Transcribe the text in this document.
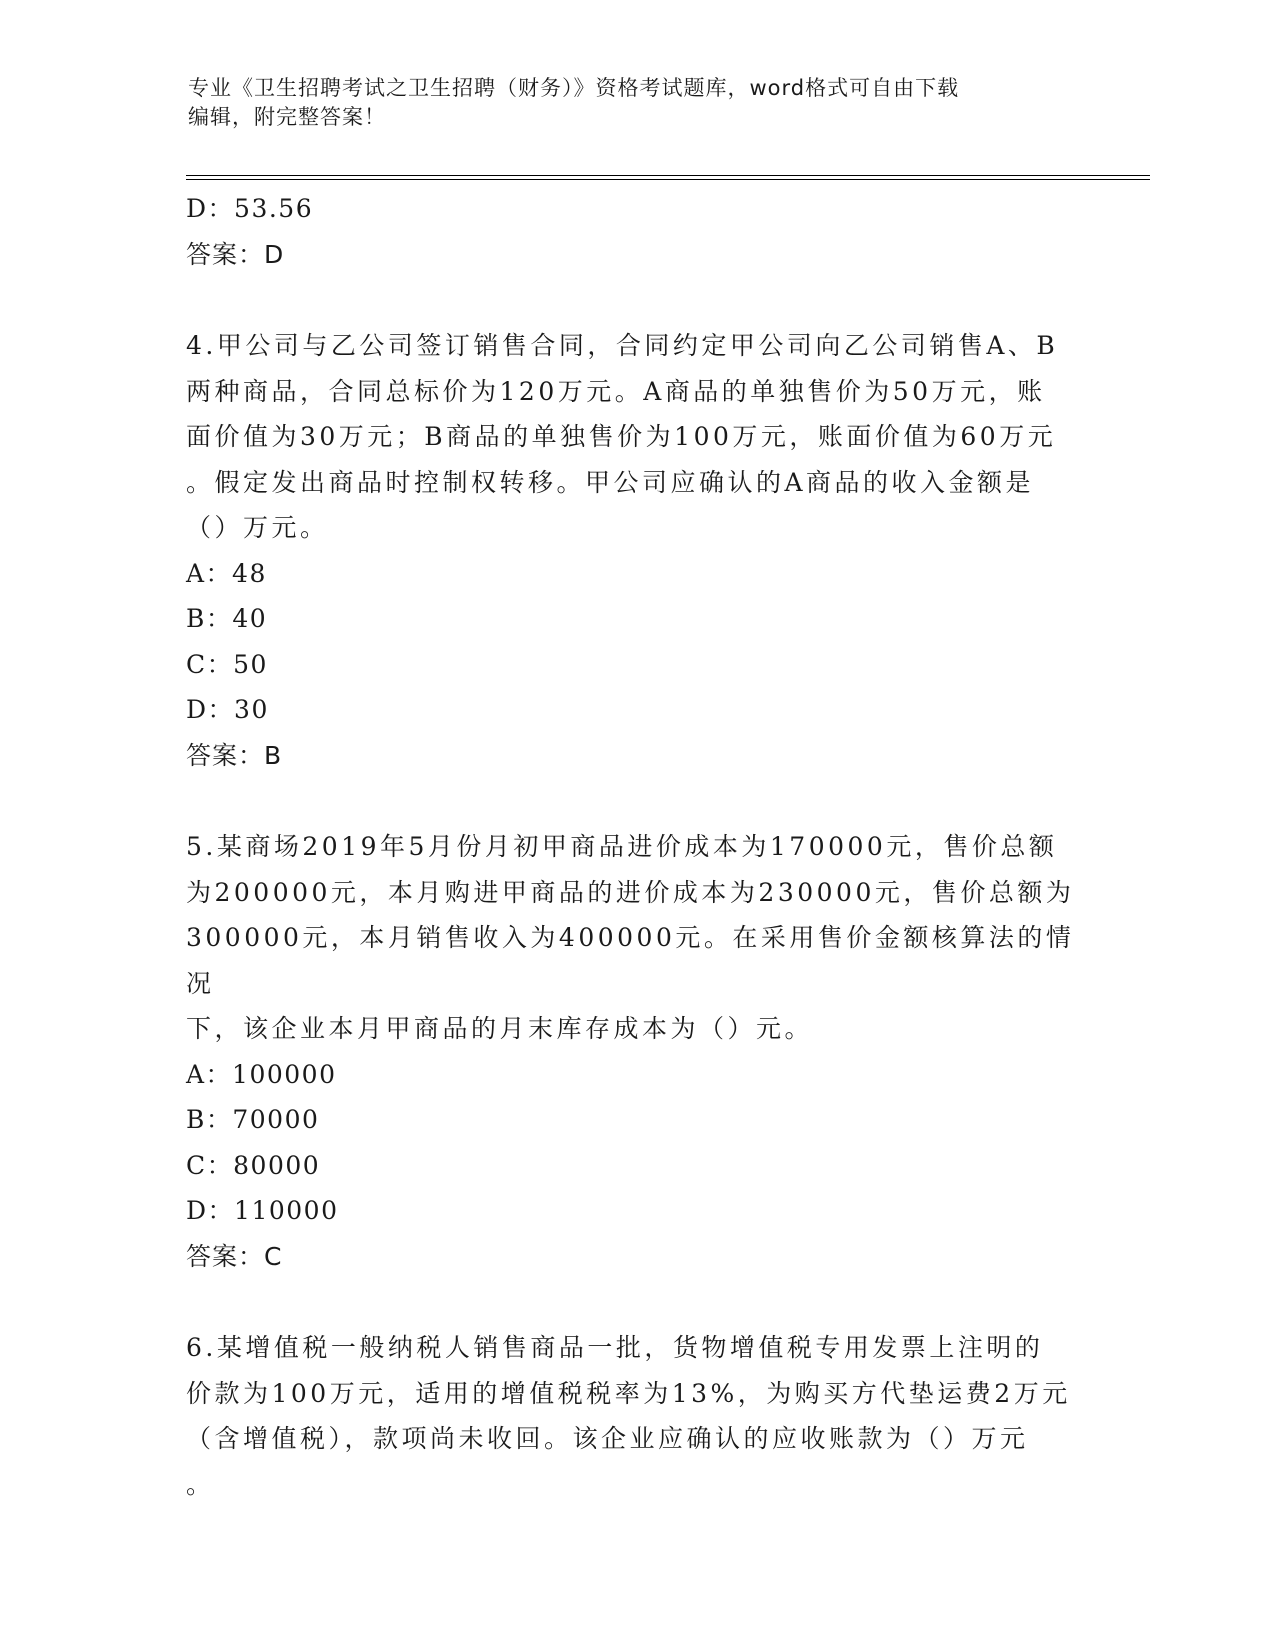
专业《卫生招聘考试之卫生招聘（财务）》资格考试题库，word格式可自由下载
编辑，附完整答案！
D：53.56
答案：D
4.甲公司与乙公司签订销售合同，合同约定甲公司向乙公司销售A、B
两种商品，合同总标价为120万元。A商品的单独售价为50万元，账
面价值为30万元；B商品的单独售价为100万元，账面价值为60万元
。假定发出商品时控制权转移。甲公司应确认的A商品的收入金额是
（）万元。
A：48
B：40
C：50
D：30
答案：B
5.某商场2019年5月份月初甲商品进价成本为170000元，售价总额
为200000元，本月购进甲商品的进价成本为230000元，售价总额为
300000元，本月销售收入为400000元。在采用售价金额核算法的情况
下，该企业本月甲商品的月末库存成本为（）元。
A：100000
B：70000
C：80000
D：110000
答案：C
6.某增值税一般纳税人销售商品一批，货物增值税专用发票上注明的
价款为100万元，适用的增值税税率为13%，为购买方代垫运费2万元
（含增值税），款项尚未收回。该企业应确认的应收账款为（）万元
。
